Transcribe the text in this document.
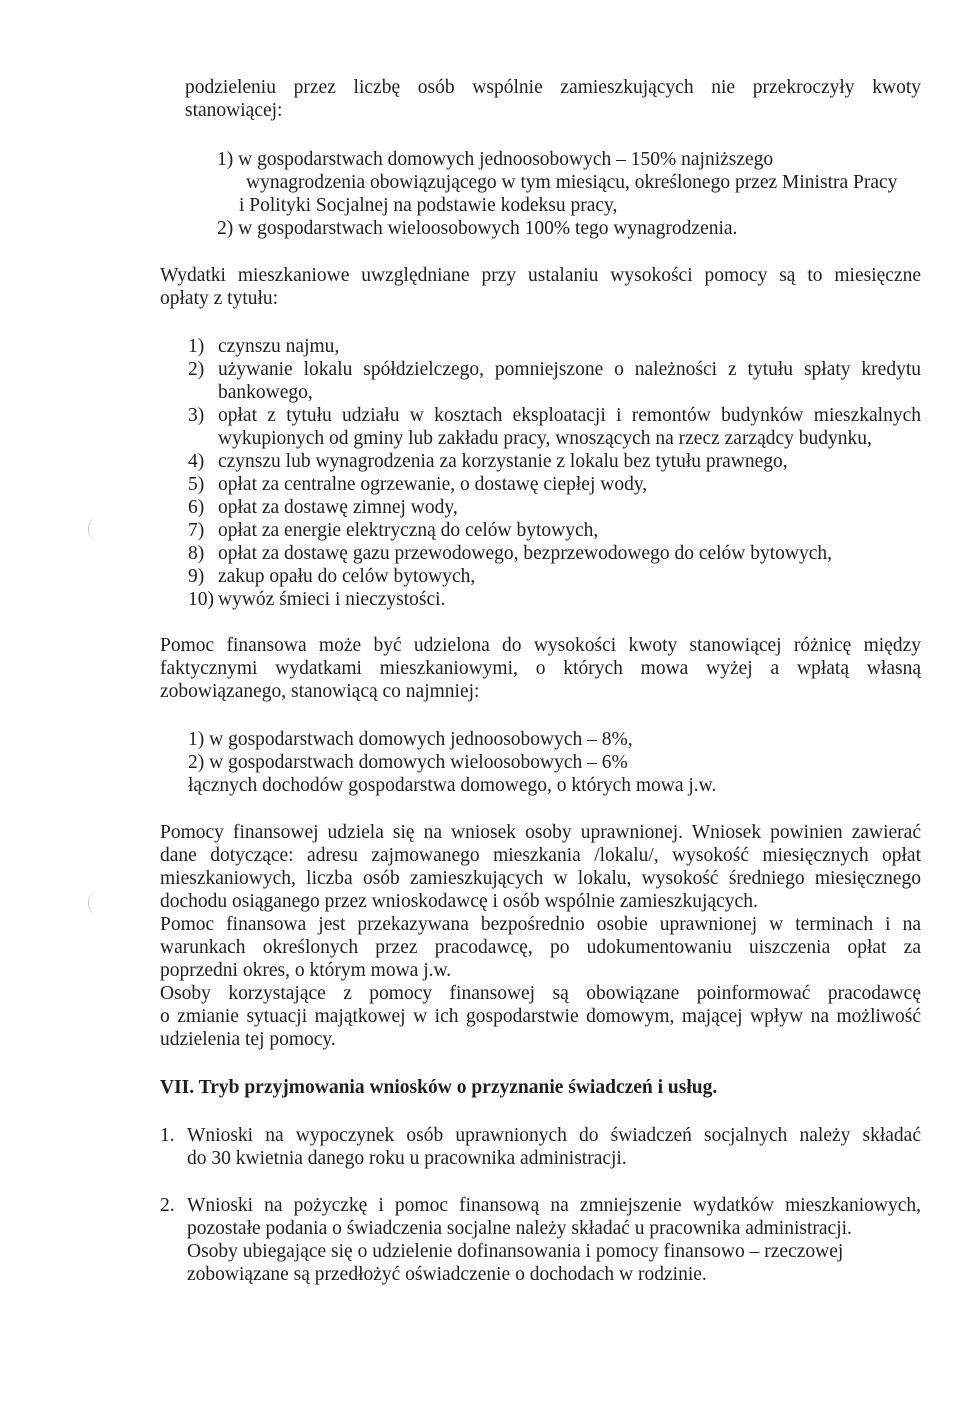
podzieleniu przez liczbę osób wspólnie zamieszkujących nie przekroczyły kwoty
stanowiącej:
1) w gospodarstwach domowych jednoosobowych – 150% najniższego
wynagrodzenia obowiązującego w tym miesiącu, określonego przez Ministra Pracy
i Polityki Socjalnej na podstawie kodeksu pracy,
2) w gospodarstwach wieloosobowych 100% tego wynagrodzenia.
Wydatki mieszkaniowe uwzględniane przy ustalaniu wysokości pomocy są to miesięczne
opłaty z tytułu:
1) czynszu najmu,
2) używanie lokalu spółdzielczego, pomniejszone o należności z tytułu spłaty kredytu
bankowego,
3) opłat z tytułu udziału w kosztach eksploatacji i remontów budynków mieszkalnych
wykupionych od gminy lub zakładu pracy, wnoszących na rzecz zarządcy budynku,
4) czynszu lub wynagrodzenia za korzystanie z lokalu bez tytułu prawnego,
5) opłat za centralne ogrzewanie, o dostawę ciepłej wody,
6) opłat za dostawę zimnej wody,
7) opłat za energie elektryczną do celów bytowych,
8) opłat za dostawę gazu przewodowego, bezprzewodowego do celów bytowych,
9) zakup opału do celów bytowych,
10) wywóz śmieci i nieczystości.
Pomoc finansowa może być udzielona do wysokości kwoty stanowiącej różnicę między
faktycznymi wydatkami mieszkaniowymi, o których mowa wyżej a wpłatą własną
zobowiązanego, stanowiącą co najmniej:
1) w gospodarstwach domowych jednoosobowych – 8%,
2) w gospodarstwach domowych wieloosobowych – 6%
łącznych dochodów gospodarstwa domowego, o których mowa j.w.
Pomocy finansowej udziela się na wniosek osoby uprawnionej. Wniosek powinien zawierać
dane dotyczące: adresu zajmowanego mieszkania /lokalu/, wysokość miesięcznych opłat
mieszkaniowych, liczba osób zamieszkujących w lokalu, wysokość średniego miesięcznego
dochodu osiąganego przez wnioskodawcę i osób wspólnie zamieszkujących.
Pomoc finansowa jest przekazywana bezpośrednio osobie uprawnionej w terminach i na
warunkach określonych przez pracodawcę, po udokumentowaniu uiszczenia opłat za
poprzedni okres, o którym mowa j.w.
Osoby korzystające z pomocy finansowej są obowiązane poinformować pracodawcę
o zmianie sytuacji majątkowej w ich gospodarstwie domowym, mającej wpływ na możliwość
udzielenia tej pomocy.
VII. Tryb przyjmowania wniosków o przyznanie świadczeń i usług.
1. Wnioski na wypoczynek osób uprawnionych do świadczeń socjalnych należy składać
do 30 kwietnia danego roku u pracownika administracji.
2. Wnioski na pożyczkę i pomoc finansową na zmniejszenie wydatków mieszkaniowych,
pozostałe podania o świadczenia socjalne należy składać u pracownika administracji.
Osoby ubiegające się o udzielenie dofinansowania i pomocy finansowo – rzeczowej
zobowiązane są przedłożyć oświadczenie o dochodach w rodzinie.
